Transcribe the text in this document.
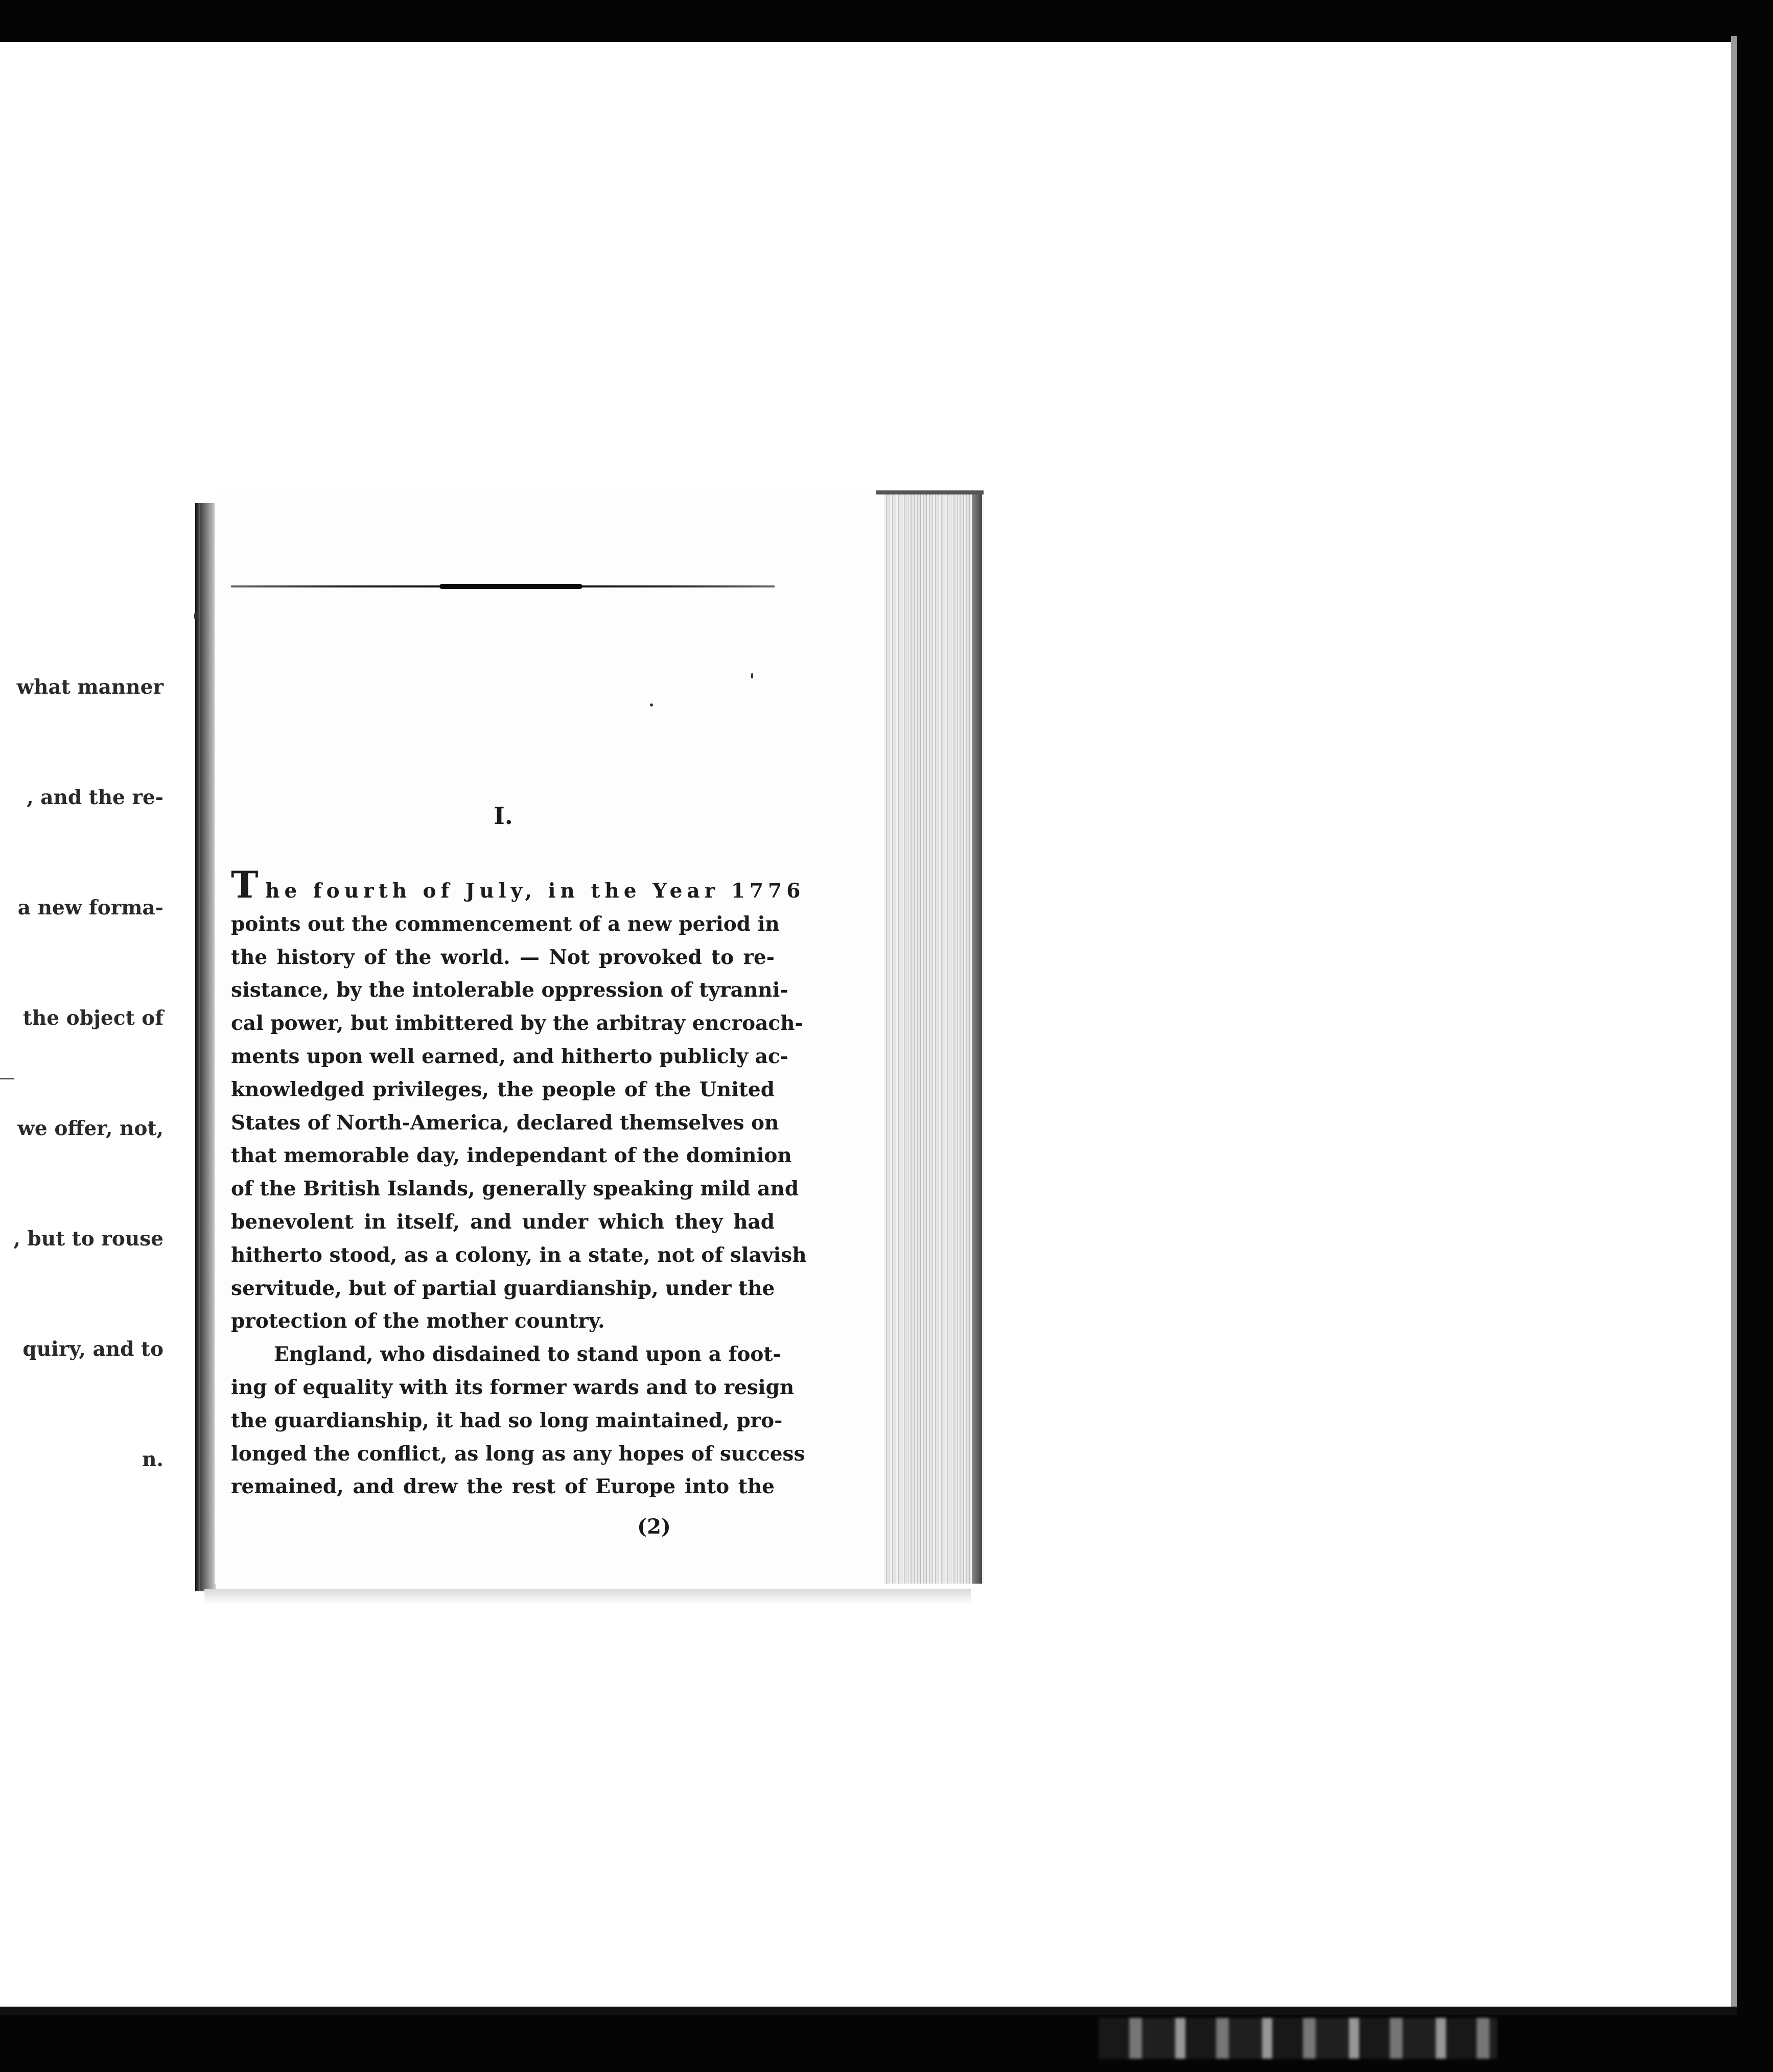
what manner

, and the re-

a new forma-

the object of

we offer, not,

, but to rouse

quiry, and to

n.

I.
T he fourth of July, in the Year 1776
points out the commencement of a new period in
the history of the world. — Not provoked to re-
sistance, by the intolerable oppression of tyranni-
cal power, but imbittered by the arbitray encroach-
ments upon well earned, and hitherto publicly ac-
knowledged privileges, the people of the United
States of North-America, declared themselves on
that memorable day, independant of the dominion
of the British Islands, generally speaking mild and
benevolent in itself, and under which they had
hitherto stood, as a colony, in a state, not of slavish
servitude, but of partial guardianship, under the
protection of the mother country.
England, who disdained to stand upon a foot-
ing of equality with its former wards and to resign
the guardianship, it had so long maintained, pro-
longed the conflict, as long as any hopes of success
remained, and drew the rest of Europe into the
(2)
